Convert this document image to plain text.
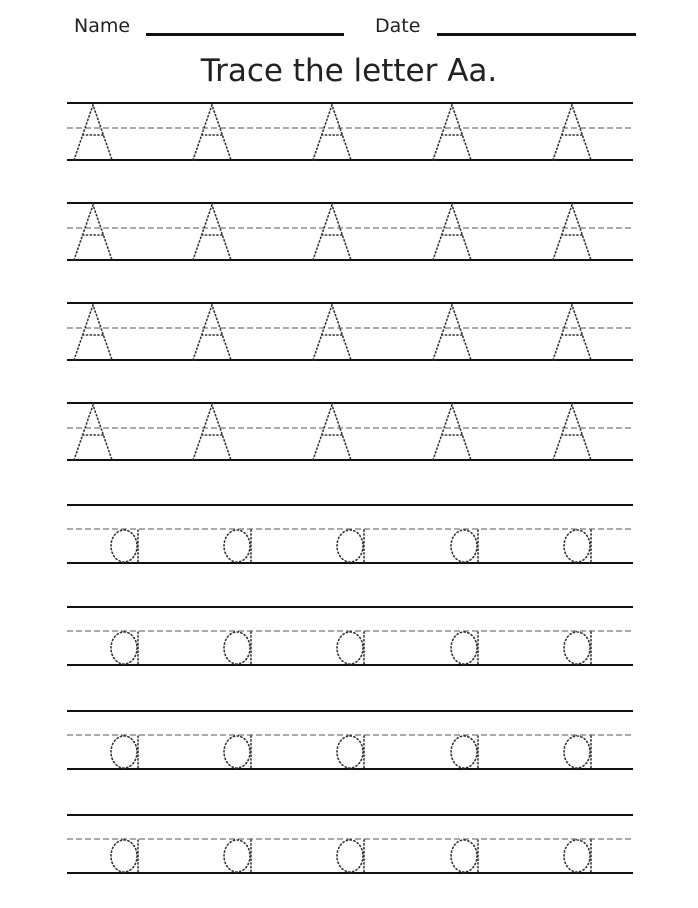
Name	Date
Trace the letter Aa.
